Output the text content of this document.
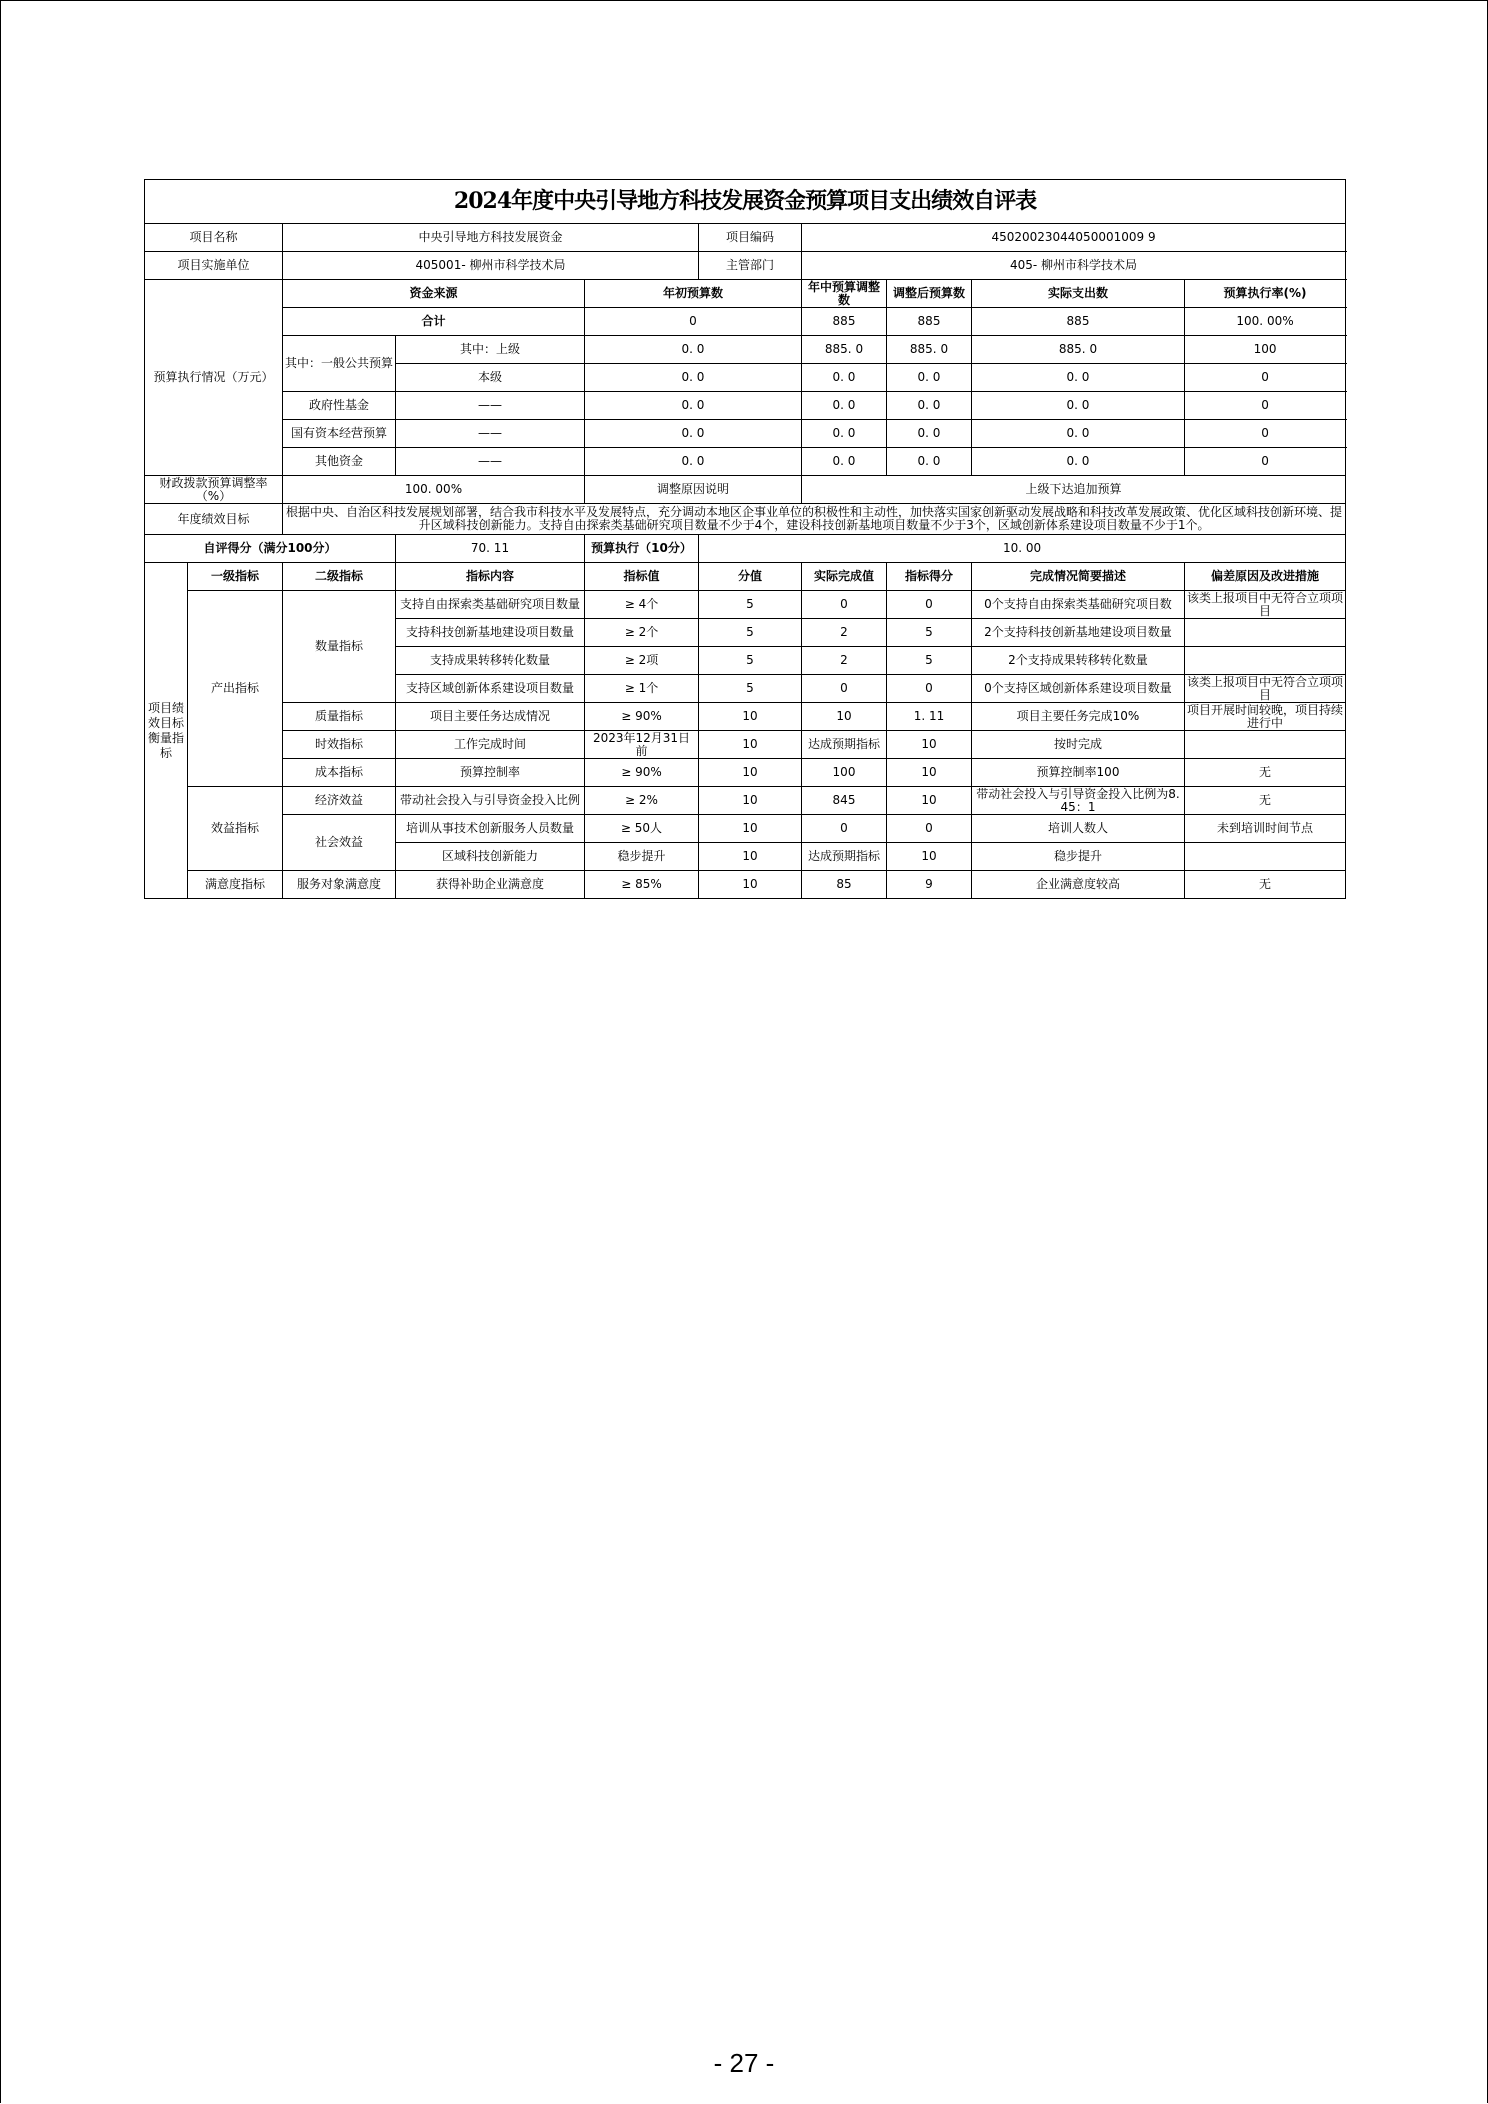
2024年度中央引导地方科技发展资金预算项目支出绩效自评表									
项目名称		中央引导地方科技发展资金			项目编码	45020023044050001009 9			
项目实施单位		405001- 柳州市科学技术局			主管部门	405- 柳州市科学技术局			
预算执行情况（万元）		资金来源		年初预算数		年中预算调整数	调整后预算数	实际支出数	预算执行率(%)
		合计		0		885	885	885	100. 00%
		其中：一般公共预算	其中：上级	0. 0		885. 0	885. 0	885. 0	100
			本级	0. 0		0. 0	0. 0	0. 0	0
		政府性基金	——	0. 0		0. 0	0. 0	0. 0	0
		国有资本经营预算	——	0. 0		0. 0	0. 0	0. 0	0
		其他资金	——	0. 0		0. 0	0. 0	0. 0	0
财政拨款预算调整率（%）		100. 00%		调整原因说明		上级下达追加预算			
年度绩效目标		根据中央、自治区科技发展规划部署，结合我市科技水平及发展特点，充分调动本地区企事业单位的积极性和主动性，加快落实国家创新驱动发展战略和科技改革发展政策、优化区域科技创新环境、提升区域科技创新能力。支持自由探索类基础研究项目数量不少于4个，建设科技创新基地项目数量不少于3个，区域创新体系建设项目数量不少于1个。							
自评得分（满分100分）			70. 11	预算执行（10分）	10. 00				
项目绩效目标衡量指标	一级指标	二级指标	指标内容	指标值	分值	实际完成值	指标得分	完成情况简要描述	偏差原因及改进措施
	产出指标	数量指标	支持自由探索类基础研究项目数量	≥ 4个	5	0	0	0个支持自由探索类基础研究项目数	该类上报项目中无符合立项项目
			支持科技创新基地建设项目数量	≥ 2个	5	2	5	2个支持科技创新基地建设项目数量	
			支持成果转移转化数量	≥ 2项	5	2	5	2个支持成果转移转化数量	
			支持区域创新体系建设项目数量	≥ 1个	5	0	0	0个支持区域创新体系建设项目数量	该类上报项目中无符合立项项目
		质量指标	项目主要任务达成情况	≥ 90%	10	10	1. 11	项目主要任务完成10%	项目开展时间较晚，项目持续进行中
		时效指标	工作完成时间	2023年12月31日前	10	达成预期指标	10	按时完成	
		成本指标	预算控制率	≥ 90%	10	100	10	预算控制率100	无
	效益指标	经济效益	带动社会投入与引导资金投入比例	≥ 2%	10	845	10	带动社会投入与引导资金投入比例为8. 45：1	无
		社会效益	培训从事技术创新服务人员数量	≥ 50人	10	0	0	培训人数人	未到培训时间节点
			区域科技创新能力	稳步提升	10	达成预期指标	10	稳步提升	
	满意度指标	服务对象满意度	获得补助企业满意度	≥ 85%	10	85	9	企业满意度较高	无
- 27 -
